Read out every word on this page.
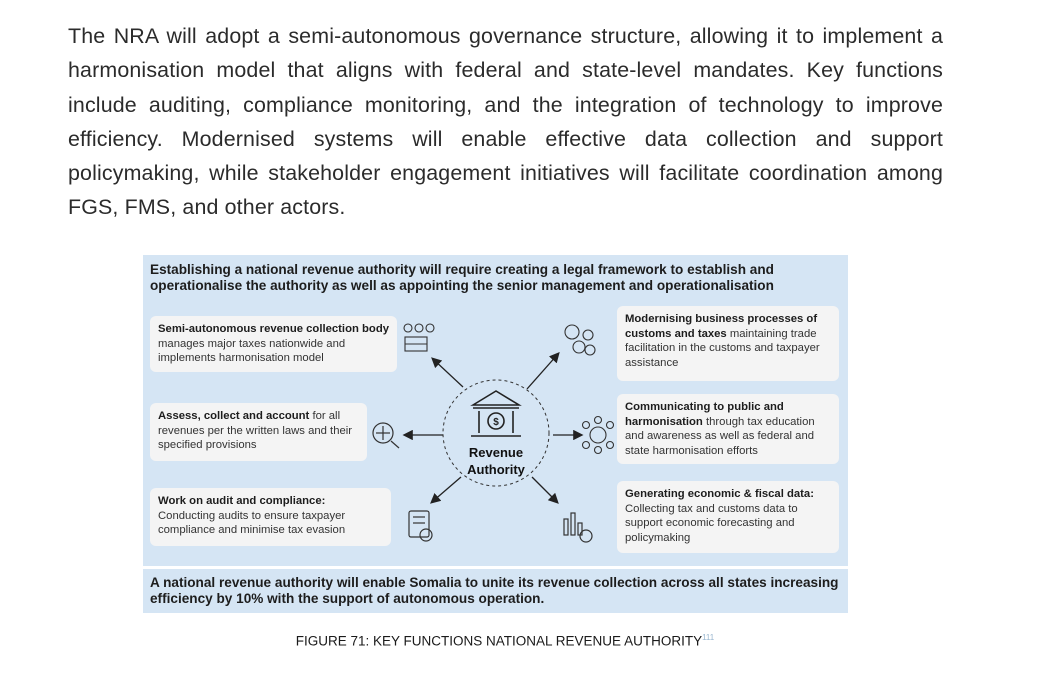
The NRA will adopt a semi-autonomous governance structure, allowing it to implement a harmonisation model that aligns with federal and state-level mandates. Key functions include auditing, compliance monitoring, and the integration of technology to improve efficiency. Modernised systems will enable effective data collection and support policymaking, while stakeholder engagement initiatives will facilitate coordination among FGS, FMS, and other actors.
Establishing a national revenue authority will require creating a legal framework to establish and operationalise the authority as well as appointing the senior management and operationalisation
Semi-autonomous revenue collection body manages major taxes nationwide and implements harmonisation model
Assess, collect and account for all revenues per the written laws and their specified provisions
Work on audit and compliance: Conducting audits to ensure taxpayer compliance and minimise tax evasion
Modernising business processes of customs and taxes maintaining trade facilitation in the customs and taxpayer assistance
Communicating to public and harmonisation through tax education and awareness as well as federal and state harmonisation efforts
Generating economic & fiscal data: Collecting tax and customs data to support economic forecasting and policymaking
$
Revenue
Authority
A national revenue authority will enable Somalia to unite its revenue collection across all states increasing efficiency by 10% with the support of autonomous operation.
FIGURE 71: KEY FUNCTIONS NATIONAL REVENUE AUTHORITY$^{111}$
